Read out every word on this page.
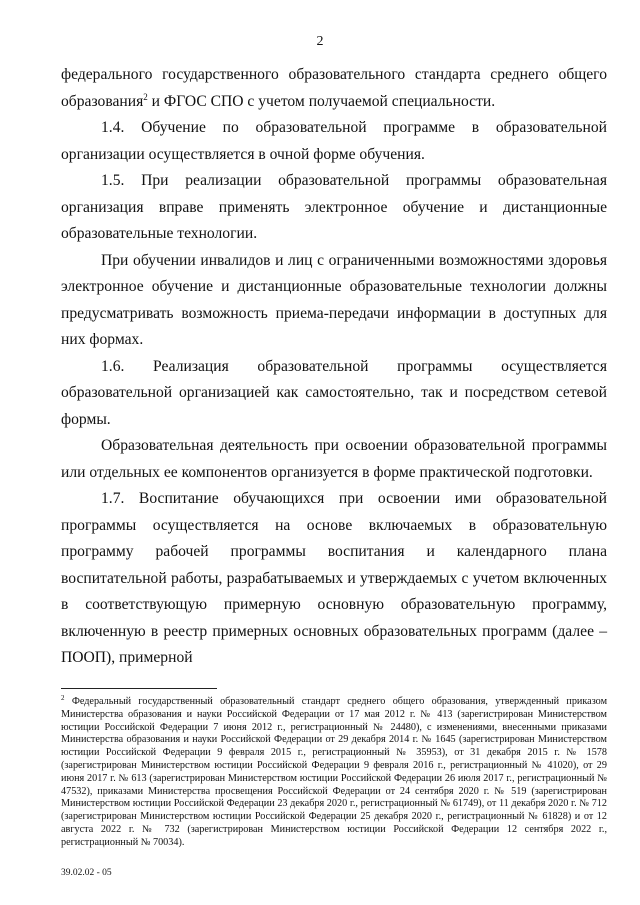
2

федерального государственного образовательного стандарта среднего общего образования$^2$ и ФГОС СПО с учетом получаемой специальности.

1.4. Обучение по образовательной программе в образовательной организации осуществляется в очной форме обучения.

1.5. При реализации образовательной программы образовательная организация вправе применять электронное обучение и дистанционные образовательные технологии.

При обучении инвалидов и лиц с ограниченными возможностями здоровья электронное обучение и дистанционные образовательные технологии должны предусматривать возможность приема-передачи информации в доступных для них формах.

1.6. Реализация образовательной программы осуществляется образовательной организацией как самостоятельно, так и посредством сетевой формы.

Образовательная деятельность при освоении образовательной программы или отдельных ее компонентов организуется в форме практической подготовки.

1.7. Воспитание обучающихся при освоении ими образовательной программы осуществляется на основе включаемых в образовательную программу рабочей программы воспитания и календарного плана воспитательной работы, разрабатываемых и утверждаемых с учетом включенных в соответствующую примерную основную образовательную программу, включенную в реестр примерных основных образовательных программ (далее – ПООП), примерной

$^2$ Федеральный государственный образовательный стандарт среднего общего образования, утвержденный приказом Министерства образования и науки Российской Федерации от 17 мая 2012 г. № 413 (зарегистрирован Министерством юстиции Российской Федерации 7 июня 2012 г., регистрационный № 24480), с изменениями, внесенными приказами Министерства образования и науки Российской Федерации от 29 декабря 2014 г. № 1645 (зарегистрирован Министерством юстиции Российской Федерации 9 февраля 2015 г., регистрационный № 35953), от 31 декабря 2015 г. № 1578 (зарегистрирован Министерством юстиции Российской Федерации 9 февраля 2016 г., регистрационный № 41020), от 29 июня 2017 г. № 613 (зарегистрирован Министерством юстиции Российской Федерации 26 июля 2017 г., регистрационный № 47532), приказами Министерства просвещения Российской Федерации от 24 сентября 2020 г. № 519 (зарегистрирован Министерством юстиции Российской Федерации 23 декабря 2020 г., регистрационный № 61749), от 11 декабря 2020 г. № 712 (зарегистрирован Министерством юстиции Российской Федерации 25 декабря 2020 г., регистрационный № 61828) и от 12 августа 2022 г. № 732 (зарегистрирован Министерством юстиции Российской Федерации 12 сентября 2022 г., регистрационный № 70034).
39.02.02 - 05
